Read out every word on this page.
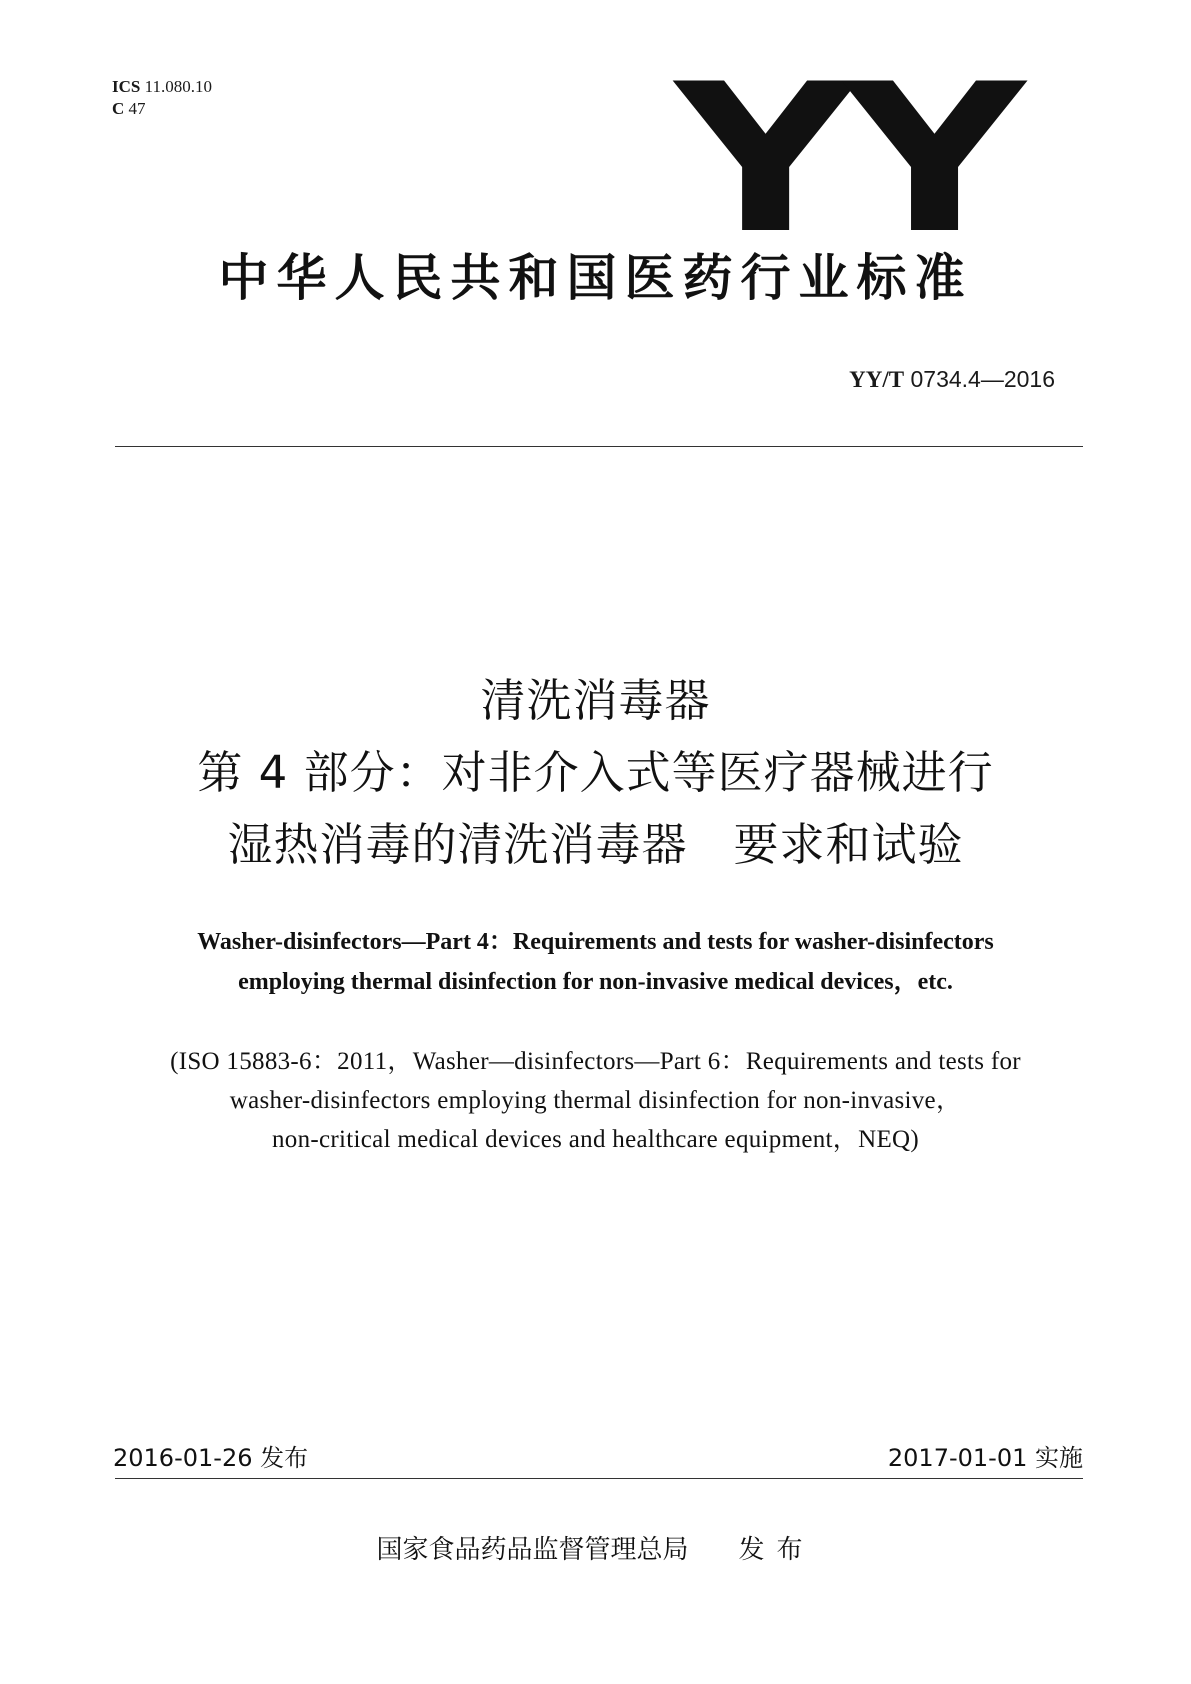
ICS 11.080.10
C 47	YY
中华人民共和国医药行业标准
YY/T 0734.4—2016
清洗消毒器
第 4 部分：对非介入式等医疗器械进行
湿热消毒的清洗消毒器　要求和试验
Washer-disinfectors—Part 4：Requirements and tests for washer-disinfectors
employing thermal disinfection for non-invasive medical devices，etc.
(ISO 15883-6：2011，Washer—disinfectors—Part 6：Requirements and tests for
washer-disinfectors employing thermal disinfection for non-invasive，
non-critical medical devices and healthcare equipment，NEQ)
2016-01-26 发布	2017-01-01 实施
国家食品药品监督管理总局 发布
